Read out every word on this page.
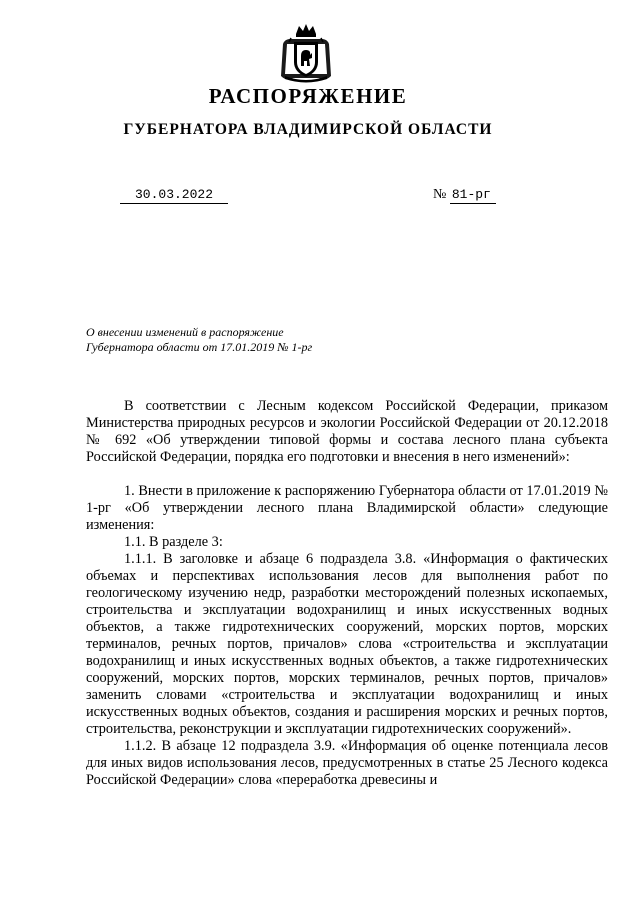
РАСПОРЯЖЕНИЕ
ГУБЕРНАТОРА ВЛАДИМИРСКОЙ ОБЛАСТИ
30.03.2022	№ 81-рг
О внесении изменений в распоряжение
Губернатора области от 17.01.2019 № 1-рг

В соответствии с Лесным кодексом Российской Федерации, приказом Министерства природных ресурсов и экологии Российской Федерации от 20.12.2018 № 692 «Об утверждении типовой формы и состава лесного плана субъекта Российской Федерации, порядка его подготовки и внесения в него изменений»:

1. Внести в приложение к распоряжению Губернатора области от 17.01.2019 № 1-рг «Об утверждении лесного плана Владимирской области» следующие изменения:

1.1. В разделе 3:

1.1.1. В заголовке и абзаце 6 подраздела 3.8. «Информация о фактических объемах и перспективах использования лесов для выполнения работ по геологическому изучению недр, разработки месторождений полезных ископаемых, строительства и эксплуатации водохранилищ и иных искусственных водных объектов, а также гидротехнических сооружений, морских портов, морских терминалов, речных портов, причалов» слова «строительства и эксплуатации водохранилищ и иных искусственных водных объектов, а также гидротехнических сооружений, морских портов, морских терминалов, речных портов, причалов» заменить словами «строительства и эксплуатации водохранилищ и иных искусственных водных объектов, создания и расширения морских и речных портов, строительства, реконструкции и эксплуатации гидротехнических сооружений».

1.1.2. В абзаце 12 подраздела 3.9. «Информация об оценке потенциала лесов для иных видов использования лесов, предусмотренных в статье 25 Лесного кодекса Российской Федерации» слова «переработка древесины и
